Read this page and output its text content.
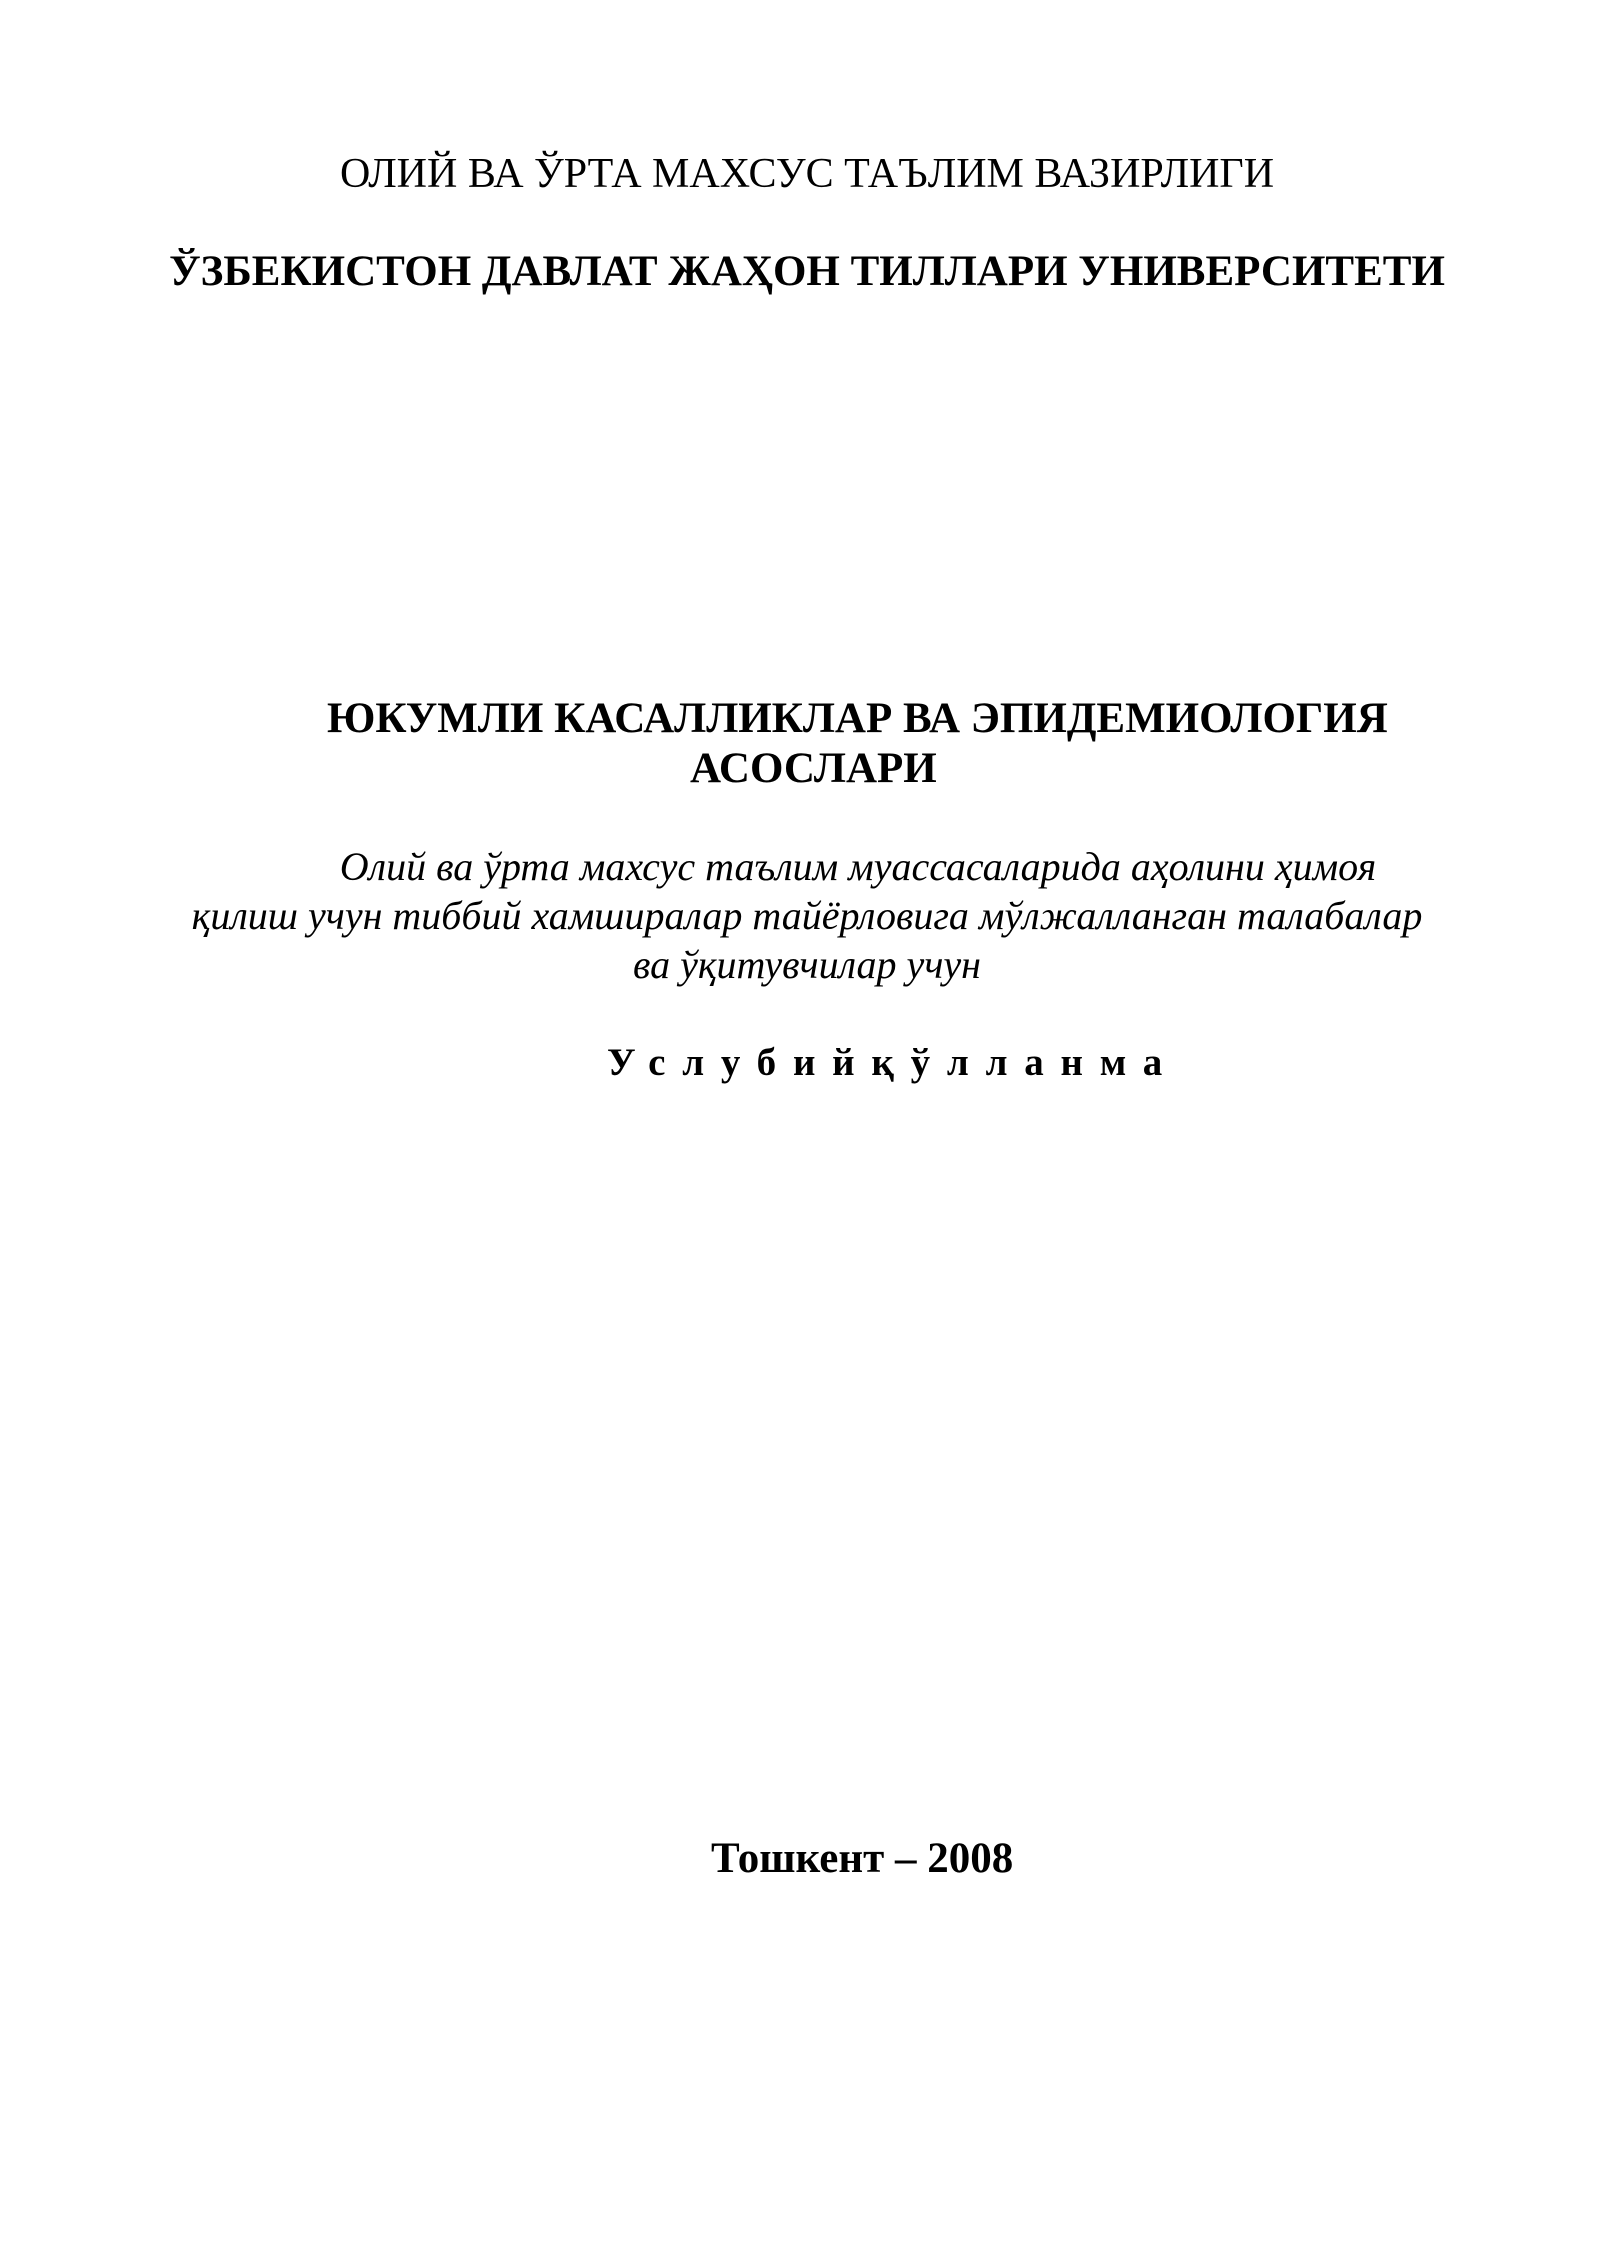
ОЛИЙ ВА ЎРТА МАХСУС ТАЪЛИМ ВАЗИРЛИГИ

ЎЗБЕКИСТОН ДАВЛАТ ЖАҲОН ТИЛЛАРИ УНИВЕРСИТЕТИ

ЮКУМЛИ КАСАЛЛИКЛАР ВА ЭПИДЕМИОЛОГИЯ

АСОСЛАРИ

Олий ва ўрта махсус таълим муассасаларида аҳолини ҳимоя

қилиш учун тиббий хамширалар тайёрловига мўлжалланган талабалар

ва ўқитувчилар учун

Услубийқўлланма

Тошкент – 2008
